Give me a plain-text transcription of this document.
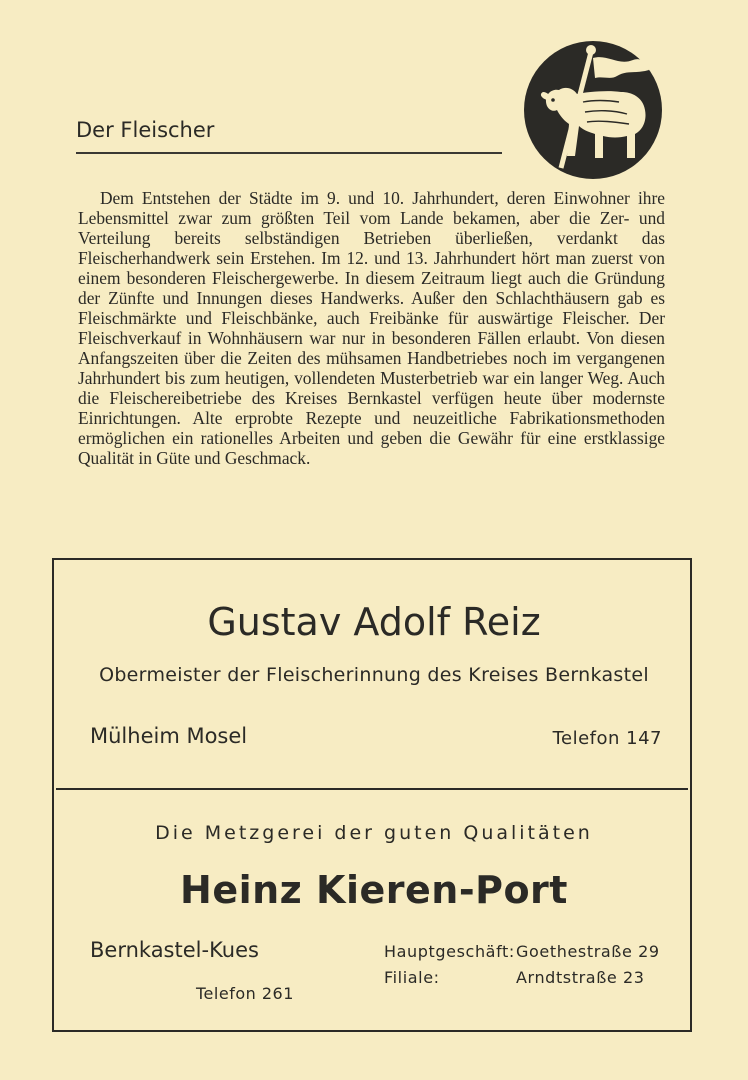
Der Fleischer

Dem Entstehen der Städte im 9. und 10. Jahrhundert, deren Einwohner ihre Lebensmittel zwar zum größten Teil vom Lande bekamen, aber die Zer- und Verteilung bereits selbständigen Betrieben überließen, verdankt das Fleischerhandwerk sein Erstehen. Im 12. und 13. Jahrhundert hört man zuerst von einem besonderen Fleischergewerbe. In diesem Zeitraum liegt auch die Gründung der Zünfte und Innungen dieses Handwerks. Außer den Schlachthäusern gab es Fleischmärkte und Fleischbänke, auch Freibänke für auswärtige Fleischer. Der Fleischverkauf in Wohnhäusern war nur in besonderen Fällen erlaubt. Von diesen Anfangszeiten über die Zeiten des mühsamen Handbetriebes noch im vergangenen Jahrhundert bis zum heutigen, vollendeten Musterbetrieb war ein langer Weg. Auch die Fleischereibetriebe des Kreises Bernkastel verfügen heute über modernste Einrichtungen. Alte erprobte Rezepte und neuzeitliche Fabrikationsmethoden ermöglichen ein rationelles Arbeiten und geben die Gewähr für eine erstklassige Qualität in Güte und Geschmack.

Gustav Adolf Reiz
Obermeister der Fleischerinnung des Kreises Bernkastel
Mülheim Mosel	Telefon 147
Die Metzgerei der guten Qualitäten
Heinz Kieren-Port
Bernkastel-Kues
Telefon 261
Hauptgeschäft: Goethestraße 29
Filiale:	Arndtstraße 23
